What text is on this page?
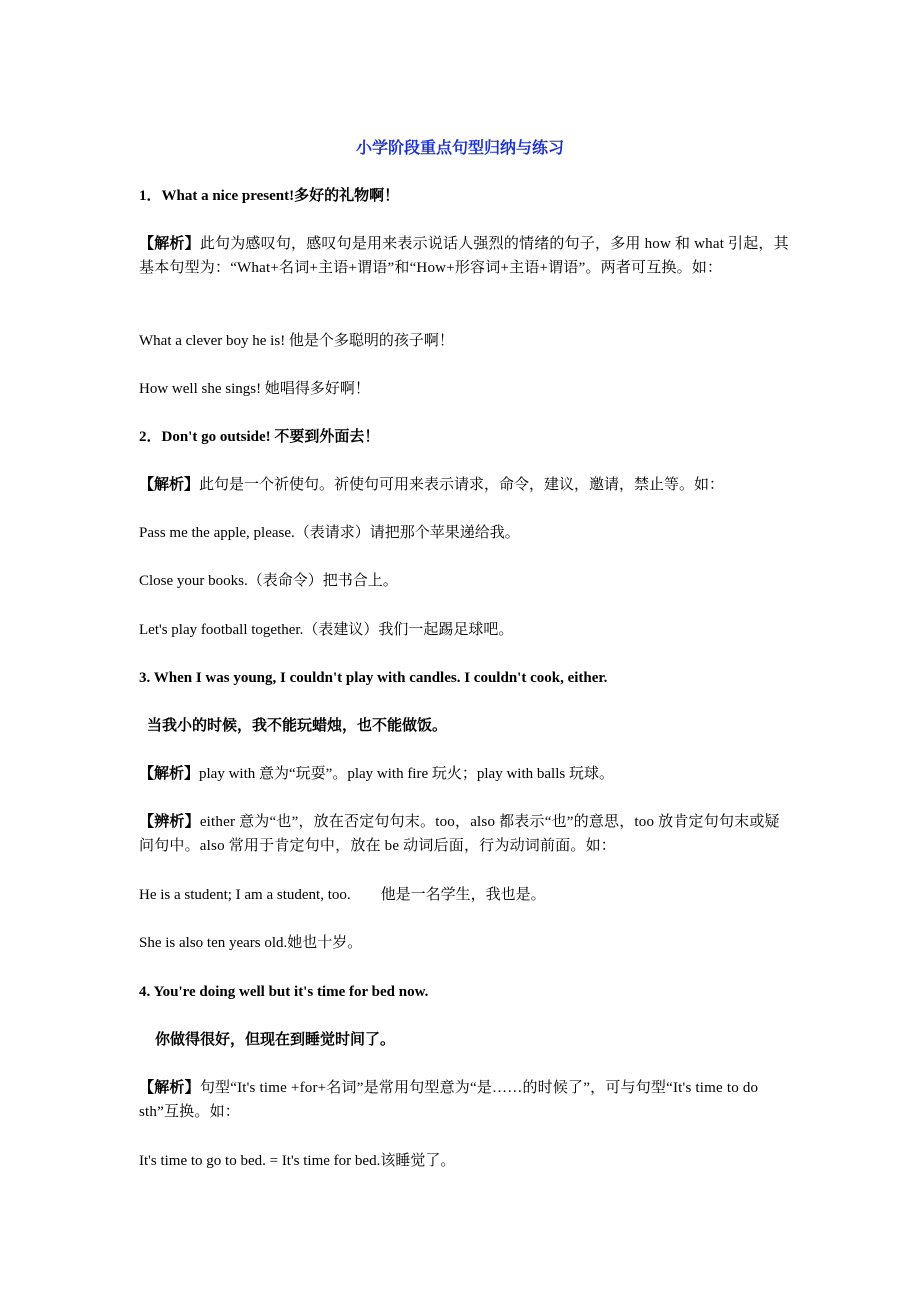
小学阶段重点句型归纳与练习
1．What a nice present!多好的礼物啊！
【解析】此句为感叹句，感叹句是用来表示说话人强烈的情绪的句子，多用 how 和 what 引起，其基本句型为：“What+名词+主语+谓语”和“How+形容词+主语+谓语”。两者可互换。如：
What a clever boy he is! 他是个多聪明的孩子啊！
How well she sings! 她唱得多好啊！
2．Don't go outside! 不要到外面去！
【解析】此句是一个祈使句。祈使句可用来表示请求，命令，建议，邀请，禁止等。如：
Pass me the apple, please.（表请求）请把那个苹果递给我。
Close your books.（表命令）把书合上。
Let's play football together.（表建议）我们一起踢足球吧。
3. When I was young, I couldn't play with candles. I couldn't cook, either.
当我小的时候，我不能玩蜡烛，也不能做饭。
【解析】play with 意为“玩耍”。play with fire 玩火；play with balls 玩球。
【辨析】either 意为“也”，放在否定句句末。too，also 都表示“也”的意思，too 放肯定句句末或疑问句中。also 常用于肯定句中，放在 be 动词后面，行为动词前面。如：
He is a student; I am a student, too.        他是一名学生，我也是。
She is also ten years old.她也十岁。
4. You're doing well but it's time for bed now.
你做得很好，但现在到睡觉时间了。
【解析】句型“It's time +for+名词”是常用句型意为“是……的时候了”，可与句型“It's time to do sth”互换。如：
It's time to go to bed. = It's time for bed.该睡觉了。
